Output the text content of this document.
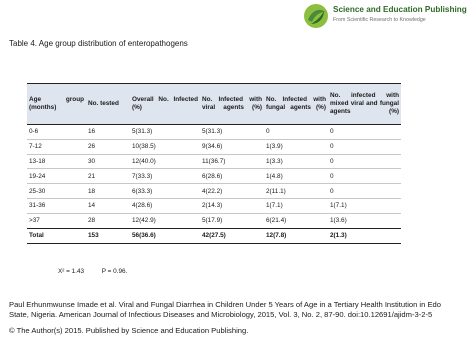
Science and Education Publishing
From Scientific Research to Knowledge
Table 4. Age group distribution of enteropathogens
Age group (months)	No. tested	Overall No. Infected (%)	No. Infected with viral agents (%)	No. Infected with fungal agents (%)	No. infected with mixed viral and fungal agents (%)
0-6	16	5(31.3)	5(31.3)	0	0
7-12	26	10(38.5)	9(34.6)	1(3.9)	0
13-18	30	12(40.0)	11(36.7)	1(3.3)	0
19-24	21	7(33.3)	6(28.6)	1(4.8)	0
25-30	18	6(33.3)	4(22.2)	2(11.1)	0
31-36	14	4(28.6)	2(14.3)	1(7.1)	1(7.1)
>37	28	12(42.9)	5(17.9)	6(21.4)	1(3.6)
Total	153	56(36.6)	42(27.5)	12(7.8)	2(1.3)
X² = 1.43	P = 0.96.
Paul Erhunmwunse Imade et al. Viral and Fungal Diarrhea in Children Under 5 Years of Age in a Tertiary Health Institution in Edo State, Nigeria. American Journal of Infectious Diseases and Microbiology, 2015, Vol. 3, No. 2, 87-90. doi:10.12691/ajidm-3-2-5
© The Author(s) 2015. Published by Science and Education Publishing.
